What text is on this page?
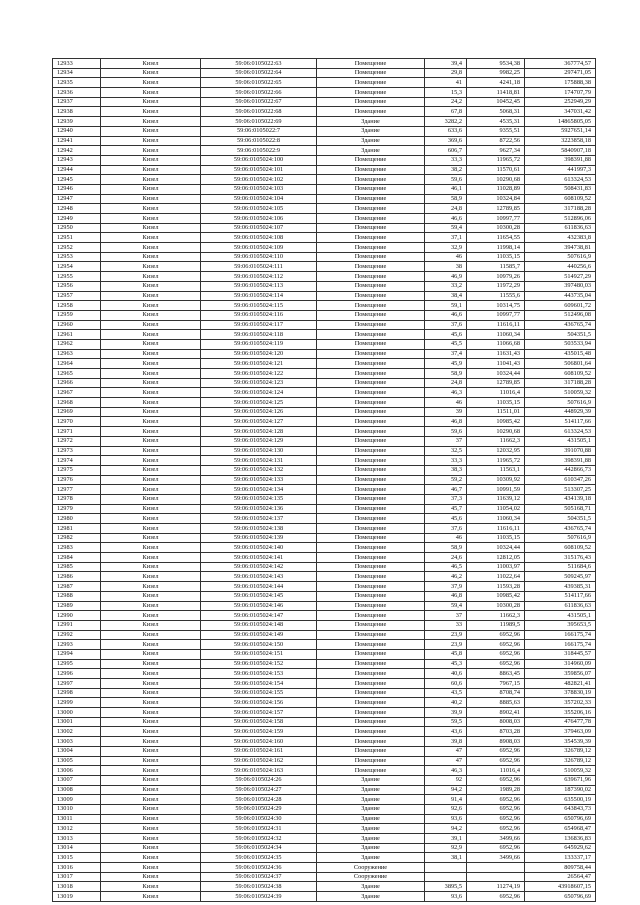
12933	Кизел	59:06:0105022:63	Помещение	39,4	9534,38	367774,57
12934	Кизел	59:06:0105022:64	Помещение	29,8	9982,25	297471,05
12935	Кизел	59:06:0105022:65	Помещение	41	4241,18	175888,38
12936	Кизел	59:06:0105022:66	Помещение	15,3	11418,81	174707,79
12937	Кизел	59:06:0105022:67	Помещение	24,2	10452,45	252949,29
12938	Кизел	59:06:0105022:68	Помещение	67,8	5068,31	347031,42
12939	Кизел	59:06:0105022:69	Здание	3282,2	4535,31	14865805,05
12940	Кизел	59:06:0105022:7	Здание	633,6	9355,51	5927651,14
12941	Кизел	59:06:0105022:8	Здание	369,6	8722,56	3223858,18
12942	Кизел	59:06:0105022:9	Здание	606,7	9627,34	5840907,18
12943	Кизел	59:06:0105024:100	Помещение	33,3	11965,72	398391,88
12944	Кизел	59:06:0105024:101	Помещение	38,2	11570,61	441997,3
12945	Кизел	59:06:0105024:102	Помещение	59,6	10290,68	613324,53
12946	Кизел	59:06:0105024:103	Помещение	46,1	11028,89	508431,83
12947	Кизел	59:06:0105024:104	Помещение	58,9	10324,84	608109,52
12948	Кизел	59:06:0105024:105	Помещение	24,8	12789,85	317188,28
12949	Кизел	59:06:0105024:106	Помещение	46,6	10997,77	512896,06
12950	Кизел	59:06:0105024:107	Помещение	59,4	10300,28	611836,63
12951	Кизел	59:06:0105024:108	Помещение	37,1	11654,55	432383,8
12952	Кизел	59:06:0105024:109	Помещение	32,9	11998,14	394738,81
12953	Кизел	59:06:0105024:110	Помещение	46	11035,15	507616,9
12954	Кизел	59:06:0105024:111	Помещение	38	11585,7	440256,6
12955	Кизел	59:06:0105024:112	Помещение	46,9	10979,26	514927,29
12956	Кизел	59:06:0105024:113	Помещение	33,2	11972,29	397480,03
12957	Кизел	59:06:0105024:114	Помещение	38,4	11555,6	443735,04
12958	Кизел	59:06:0105024:115	Помещение	59,1	10314,75	609601,72
12959	Кизел	59:06:0105024:116	Помещение	46,6	10997,77	512496,08
12960	Кизел	59:06:0105024:117	Помещение	37,6	11616,11	436765,74
12961	Кизел	59:06:0105024:118	Помещение	45,6	11060,34	504351,5
12962	Кизел	59:06:0105024:119	Помещение	45,5	11066,68	503533,94
12963	Кизел	59:06:0105024:120	Помещение	37,4	11631,43	435015,48
12964	Кизел	59:06:0105024:121	Помещение	45,9	11041,43	506801,64
12965	Кизел	59:06:0105024:122	Помещение	58,9	10324,44	608109,52
12966	Кизел	59:06:0105024:123	Помещение	24,8	12789,85	317188,28
12967	Кизел	59:06:0105024:124	Помещение	46,3	11016,4	510059,32
12968	Кизел	59:06:0105024:125	Помещение	46	11035,15	507616,9
12969	Кизел	59:06:0105024:126	Помещение	39	11511,01	448929,39
12970	Кизел	59:06:0105024:127	Помещение	46,8	10985,42	514117,66
12971	Кизел	59:06:0105024:128	Помещение	59,6	10290,68	613324,53
12972	Кизел	59:06:0105024:129	Помещение	37	11662,3	431505,1
12973	Кизел	59:06:0105024:130	Помещение	32,5	12032,95	391070,88
12974	Кизел	59:06:0105024:131	Помещение	33,3	11965,72	398391,88
12975	Кизел	59:06:0105024:132	Помещение	38,3	11563,1	442866,73
12976	Кизел	59:06:0105024:133	Помещение	59,2	10309,92	610347,26
12977	Кизел	59:06:0105024:134	Помещение	46,7	10991,59	513307,25
12978	Кизел	59:06:0105024:135	Помещение	37,3	11639,12	434139,18
12979	Кизел	59:06:0105024:136	Помещение	45,7	11054,02	505168,71
12980	Кизел	59:06:0105024:137	Помещение	45,6	11060,34	504351,5
12981	Кизел	59:06:0105024:138	Помещение	37,6	11616,11	436765,74
12982	Кизел	59:06:0105024:139	Помещение	46	11035,15	507616,9
12983	Кизел	59:06:0105024:140	Помещение	58,9	10324,44	608109,52
12984	Кизел	59:06:0105024:141	Помещение	24,6	12812,05	315176,43
12985	Кизел	59:06:0105024:142	Помещение	46,5	11003,97	511684,6
12986	Кизел	59:06:0105024:143	Помещение	46,2	11022,64	509245,97
12987	Кизел	59:06:0105024:144	Помещение	37,9	11593,28	439385,31
12988	Кизел	59:06:0105024:145	Помещение	46,8	10985,42	514117,66
12989	Кизел	59:06:0105024:146	Помещение	59,4	10300,28	611836,63
12990	Кизел	59:06:0105024:147	Помещение	37	11662,3	431505,1
12991	Кизел	59:06:0105024:148	Помещение	33	11989,5	395653,5
12992	Кизел	59:06:0105024:149	Помещение	23,9	6952,96	166175,74
12993	Кизел	59:06:0105024:150	Помещение	23,9	6952,96	166175,74
12994	Кизел	59:06:0105024:151	Помещение	45,8	6952,96	318445,57
12995	Кизел	59:06:0105024:152	Помещение	45,3	6952,96	314960,09
12996	Кизел	59:06:0105024:153	Помещение	40,6	8863,45	359856,07
12997	Кизел	59:06:0105024:154	Помещение	60,6	7967,15	482821,41
12998	Кизел	59:06:0105024:155	Помещение	43,5	8708,74	378830,19
12999	Кизел	59:06:0105024:156	Помещение	40,2	8885,63	357202,33
13000	Кизел	59:06:0105024:157	Помещение	39,9	8902,41	355206,16
13001	Кизел	59:06:0105024:158	Помещение	59,5	8008,03	476477,78
13002	Кизел	59:06:0105024:159	Помещение	43,6	8703,28	379463,09
13003	Кизел	59:06:0105024:160	Помещение	39,8	8908,03	354539,39
13004	Кизел	59:06:0105024:161	Помещение	47	6952,96	326789,12
13005	Кизел	59:06:0105024:162	Помещение	47	6952,96	326789,12
13006	Кизел	59:06:0105024:163	Помещение	46,3	11016,4	510059,32
13007	Кизел	59:06:0105024:26	Здание	92	6952,96	639671,96
13008	Кизел	59:06:0105024:27	Здание	94,2	1989,28	187390,02
13009	Кизел	59:06:0105024:28	Здание	91,4	6952,96	635500,19
13010	Кизел	59:06:0105024:29	Здание	92,6	6952,96	643843,73
13011	Кизел	59:06:0105024:30	Здание	93,6	6952,96	650796,69
13012	Кизел	59:06:0105024:31	Здание	94,2	6952,96	654968,47
13013	Кизел	59:06:0105024:32	Здание	39,1	3499,66	136836,83
13014	Кизел	59:06:0105024:34	Здание	92,9	6952,96	645929,62
13015	Кизел	59:06:0105024:35	Здание	38,1	3499,66	133337,17
13016	Кизел	59:06:0105024:36	Сооружение			809758,44
13017	Кизел	59:06:0105024:37	Сооружение			26564,47
13018	Кизел	59:06:0105024:38	Здание	3895,5	11274,19	43918607,15
13019	Кизел	59:06:0105024:39	Здание	93,6	6952,96	650796,69
